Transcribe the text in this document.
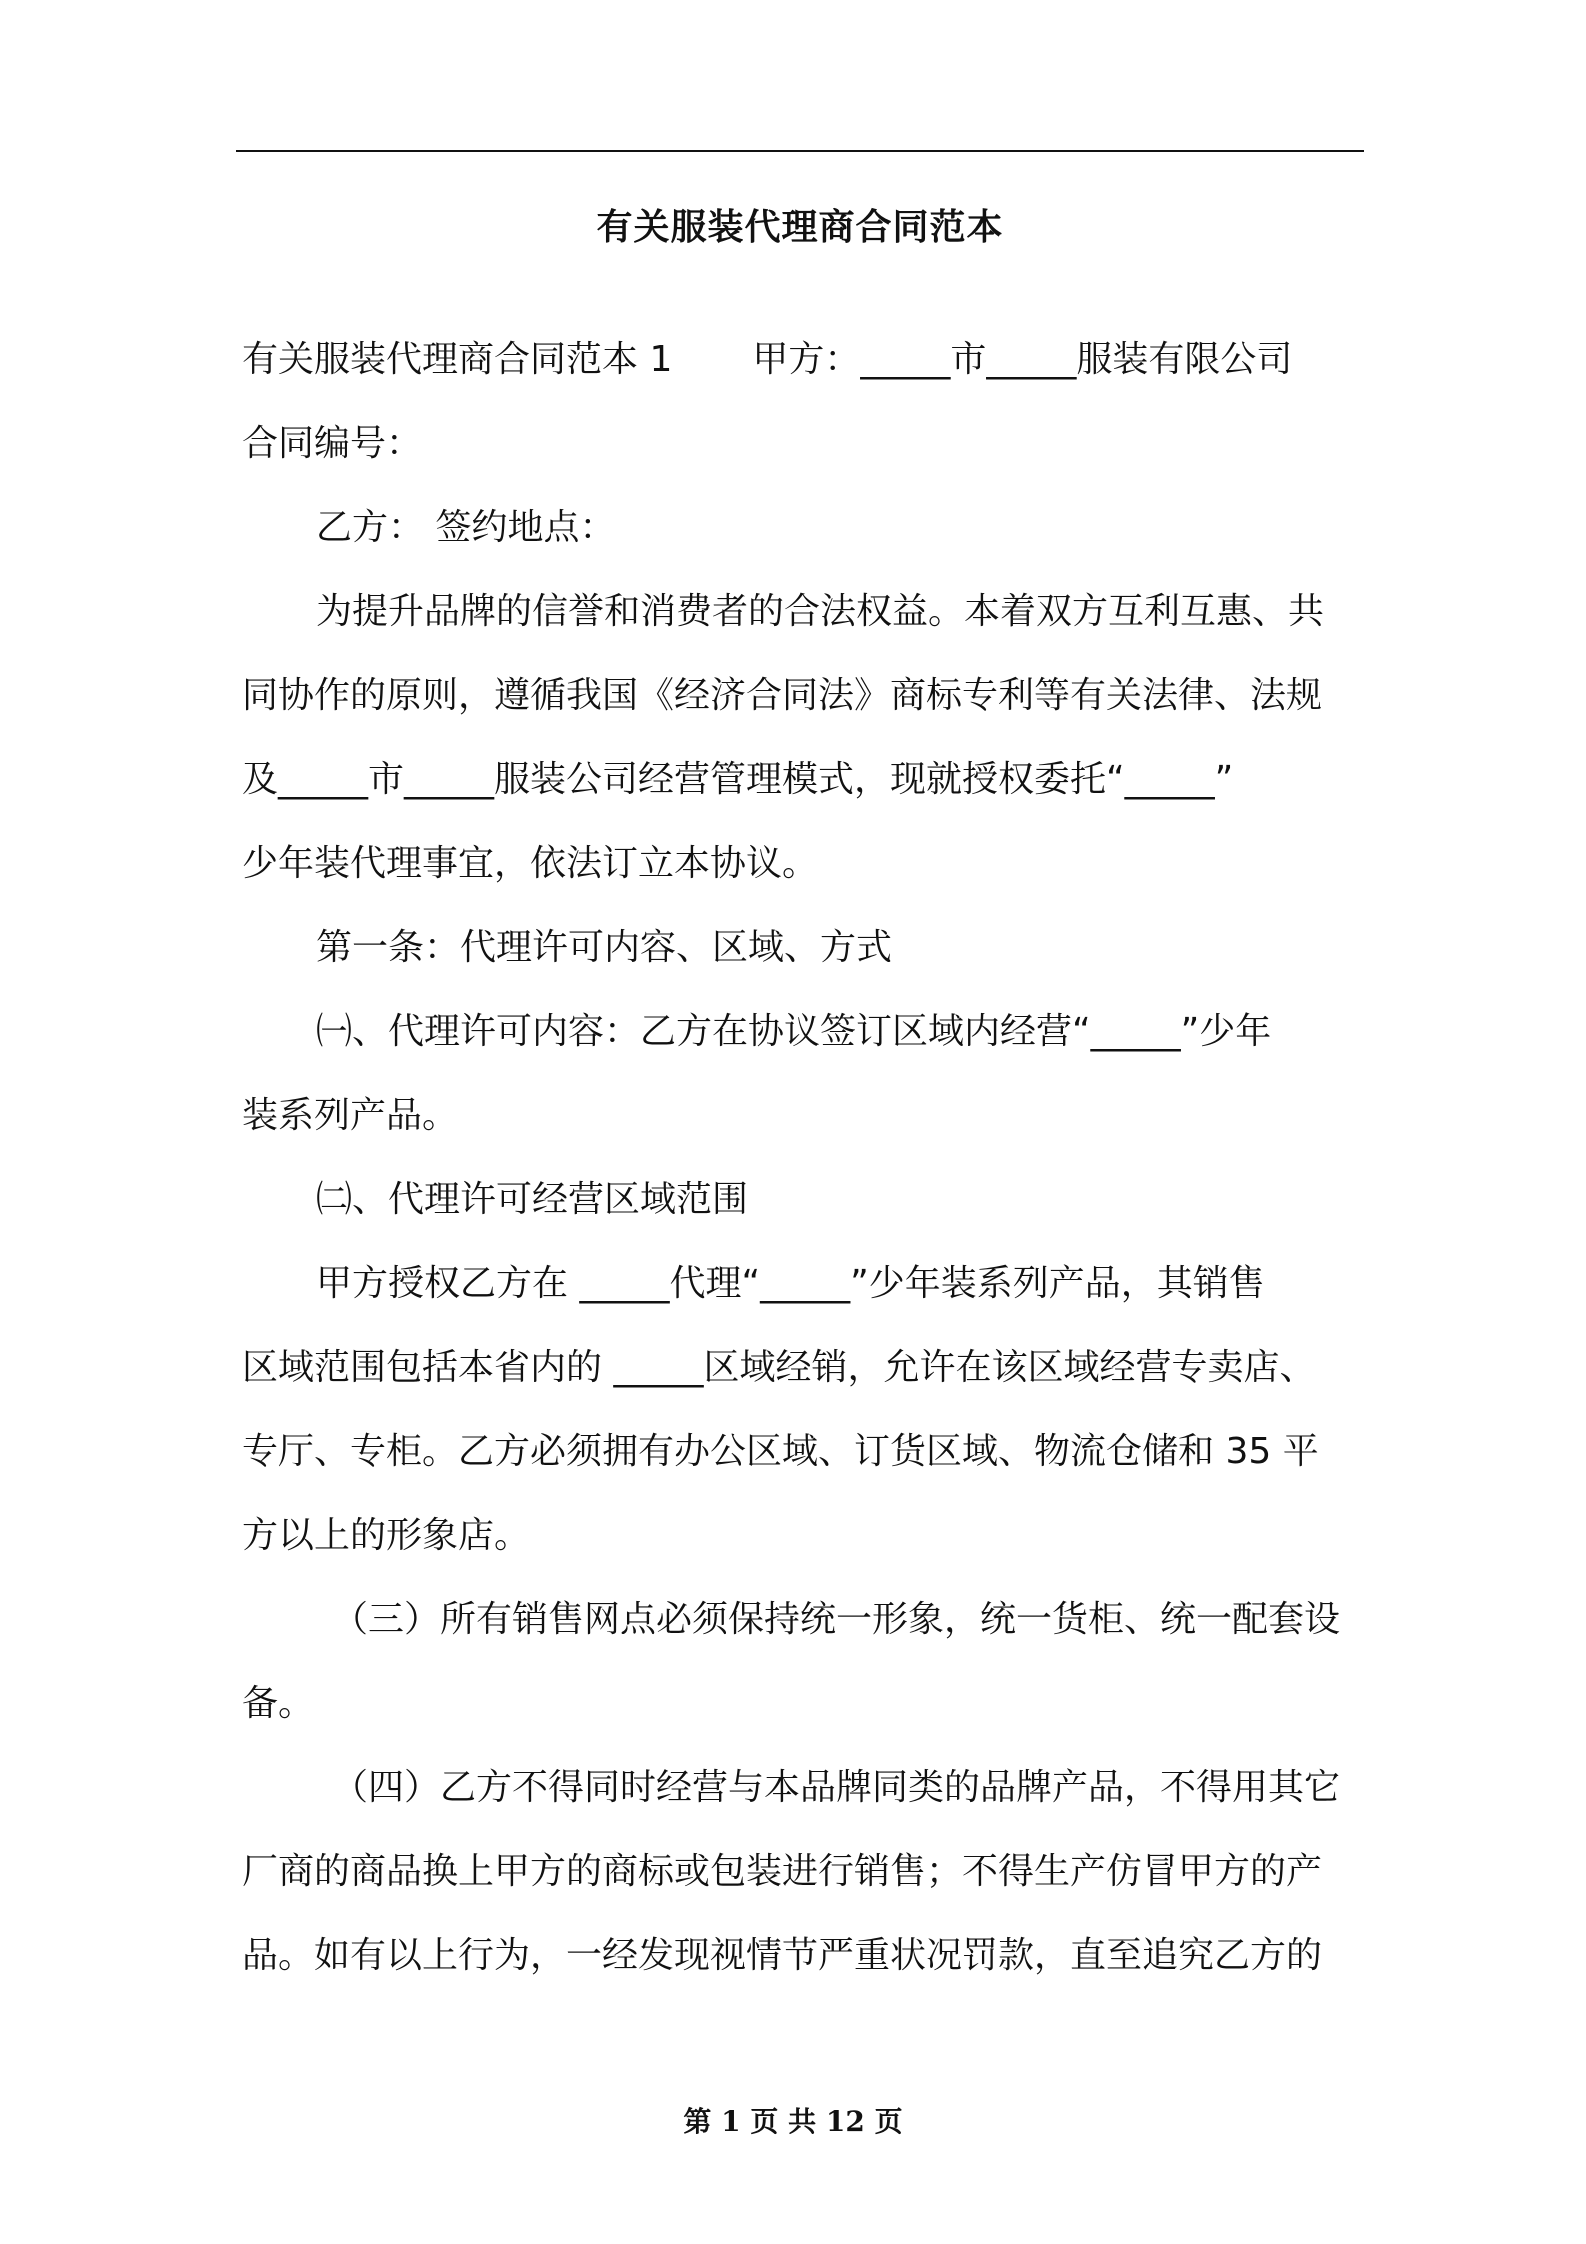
有关服装代理商合同范本
有关服装代理商合同范本 1 甲方：_____市_____服装有限公司
合同编号：
乙方： 签约地点：
为提升品牌的信誉和消费者的合法权益。本着双方互利互惠、共
同协作的原则，遵循我国《经济合同法》商标专利等有关法律、法规
及_____市_____服装公司经营管理模式，现就授权委托“_____”
少年装代理事宜，依法订立本协议。
第一条：代理许可内容、区域、方式
㈠、代理许可内容：乙方在协议签订区域内经营“_____”少年
装系列产品。
㈡、代理许可经营区域范围
甲方授权乙方在 _____代理“_____”少年装系列产品，其销售
区域范围包括本省内的 _____区域经销，允许在该区域经营专卖店、
专厅、专柜。乙方必须拥有办公区域、订货区域、物流仓储和 35 平
方以上的形象店。
（三）所有销售网点必须保持统一形象，统一货柜、统一配套设
备。
（四）乙方不得同时经营与本品牌同类的品牌产品，不得用其它
厂商的商品换上甲方的商标或包装进行销售；不得生产仿冒甲方的产
品。如有以上行为，一经发现视情节严重状况罚款，直至追究乙方的
第 1 页 共 12 页
